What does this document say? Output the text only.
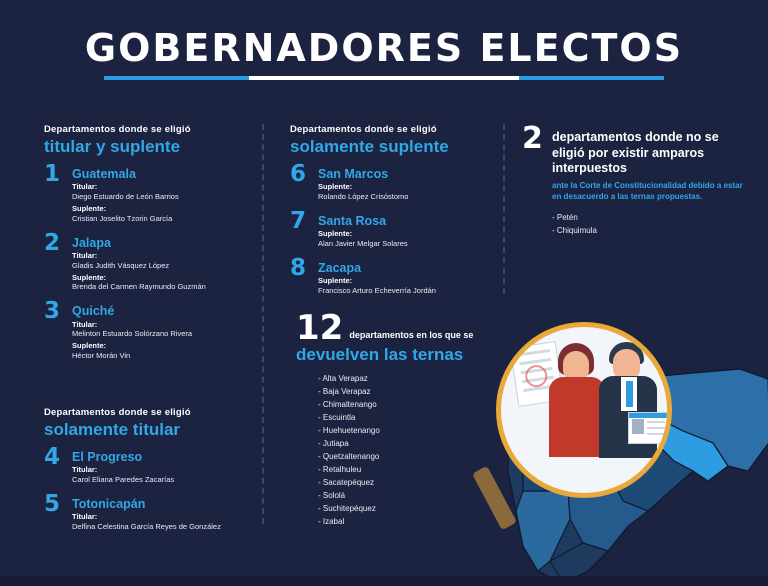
GOBERNADORES ELECTOS
Departamentos donde se eligió
titular y suplente
1 Guatemala
Titular:
Diego Estuardo de León Barrios
Suplente:
Cristian Joselito Tzorin García
2 Jalapa
Titular:
Gladis Judith Vásquez López
Suplente:
Brenda del Carmen Raymundo Guzmán
3 Quiché
Titular:
Melinton Estuardo Solórzano Rivera
Suplente:
Héctor Morán Vin
Departamentos donde se eligió
solamente titular
4 El Progreso
Titular:
Carol Eliana Paredes Zacarías
5 Totonicapán
Titular:
Delfina Celestina García Reyes de González
Departamentos donde se eligió
solamente suplente
6 San Marcos
Suplente:
Rolando López Crisóstomo
7 Santa Rosa
Suplente:
Alan Javier Melgar Solares
8 Zacapa
Suplente:
Francisco Arturo Echeverría Jordán
2 departamentos donde no se eligió por existir amparos interpuestos
ante la Corte de Constitucionalidad debido a estar en desacuerdo a las ternas propuestas.
- Petén
- Chiquimula
12 departamentos en los que se
devuelven las ternas
- Alta Verapaz
- Baja Verapaz
- Chimaltenango
- Escuintla
- Huehuetenango
- Jutiapa
- Quetzaltenango
- Retalhuleu
- Sacatepéquez
- Sololá
- Suchitepéquez
- Izabal
